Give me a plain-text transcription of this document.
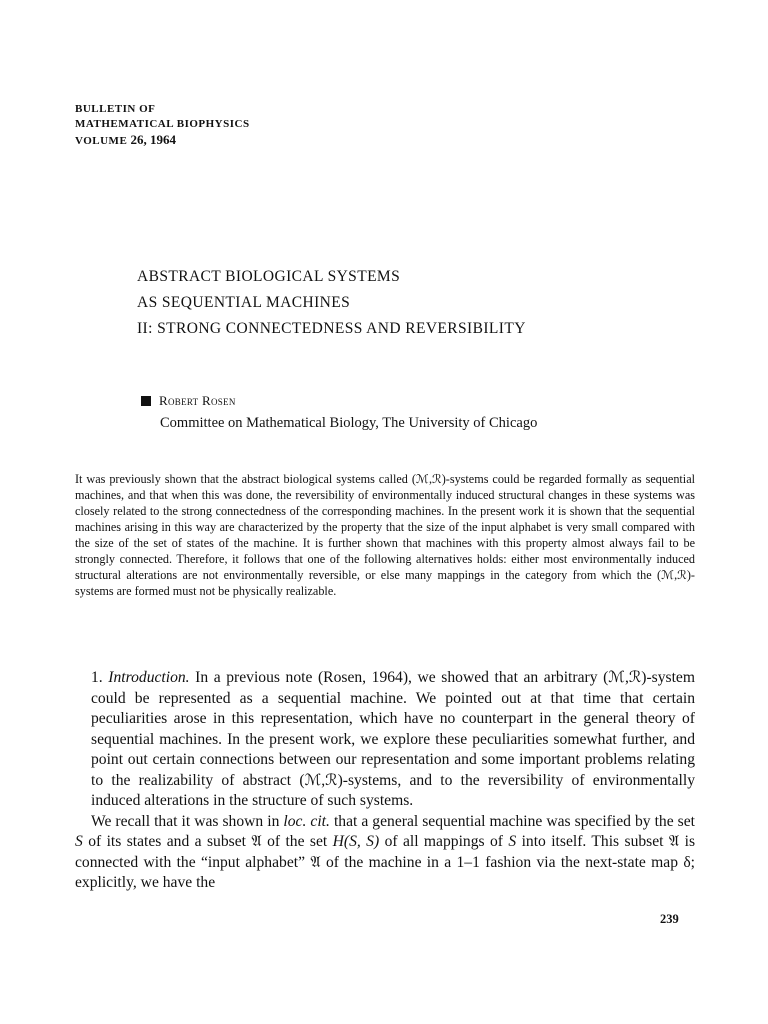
BULLETIN OF
MATHEMATICAL BIOPHYSICS
VOLUME 26, 1964
ABSTRACT BIOLOGICAL SYSTEMS
AS SEQUENTIAL MACHINES
II: STRONG CONNECTEDNESS AND REVERSIBILITY
Robert Rosen
Committee on Mathematical Biology, The University of Chicago
It was previously shown that the abstract biological systems called (ℳ,ℛ)-systems could be regarded formally as sequential machines, and that when this was done, the reversibility of environmentally induced structural changes in these systems was closely related to the strong connectedness of the corresponding machines. In the present work it is shown that the sequential machines arising in this way are characterized by the property that the size of the input alphabet is very small compared with the size of the set of states of the machine. It is further shown that machines with this property almost always fail to be strongly connected. Therefore, it follows that one of the following alternatives holds: either most environmentally induced structural alterations are not environmentally reversible, or else many mappings in the category from which the (ℳ,ℛ)-systems are formed must not be physically realizable.

1. Introduction. In a previous note (Rosen, 1964), we showed that an arbitrary (ℳ,ℛ)-system could be represented as a sequential machine. We pointed out at that time that certain peculiarities arose in this representation, which have no counterpart in the general theory of sequential machines. In the present work, we explore these peculiarities somewhat further, and point out certain connections between our representation and some important problems relating to the realizability of abstract (ℳ,ℛ)-systems, and to the reversibility of environmentally induced alterations in the structure of such systems.

We recall that it was shown in loc. cit. that a general sequential machine was specified by the set S of its states and a subset 𝔄 of the set H(S, S) of all mappings of S into itself. This subset 𝔄 is connected with the “input alphabet” 𝔄 of the machine in a 1–1 fashion via the next-state map δ; explicitly, we have the

239
